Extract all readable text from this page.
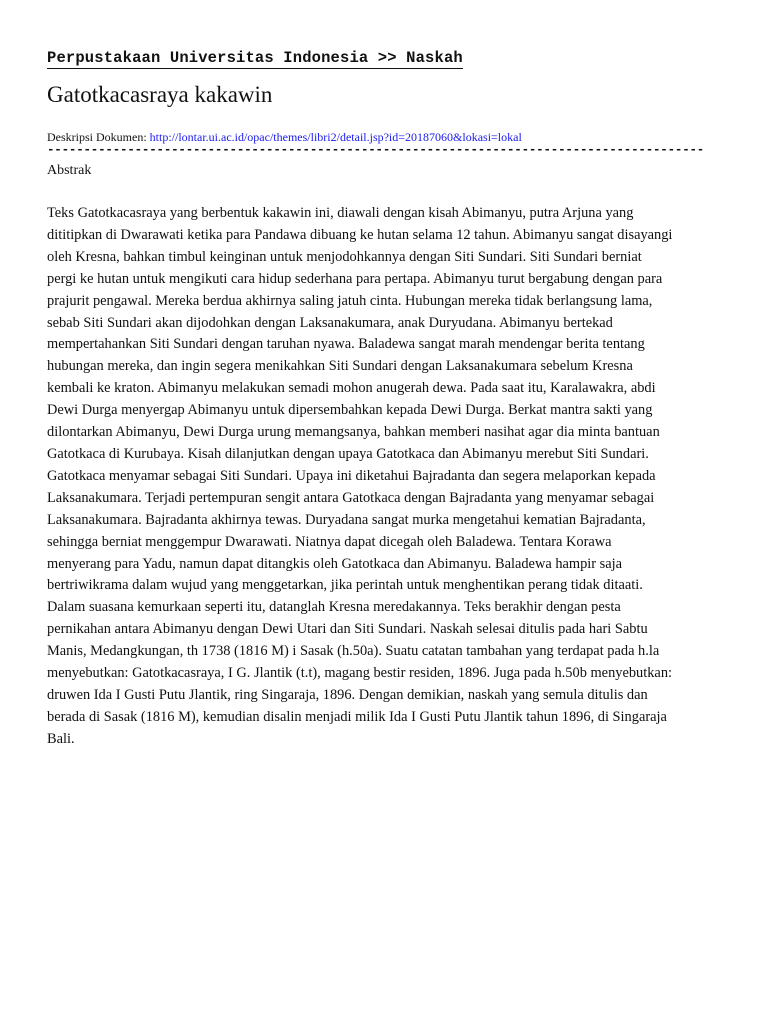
Perpustakaan Universitas Indonesia >> Naskah
Gatotkacasraya kakawin
Deskripsi Dokumen: http://lontar.ui.ac.id/opac/themes/libri2/detail.jsp?id=20187060&lokasi=lokal
------------------------------------------------------------------------------------------
Abstrak
Teks Gatotkacasraya yang berbentuk kakawin ini, diawali dengan kisah Abimanyu, putra Arjuna yang
dititipkan di Dwarawati ketika para Pandawa dibuang ke hutan selama 12 tahun. Abimanyu sangat disayangi
oleh Kresna, bahkan timbul keinginan untuk menjodohkannya dengan Siti Sundari. Siti Sundari berniat
pergi ke hutan untuk mengikuti cara hidup sederhana para pertapa. Abimanyu turut bergabung dengan para
prajurit pengawal. Mereka berdua akhirnya saling jatuh cinta. Hubungan mereka tidak berlangsung lama,
sebab Siti Sundari akan dijodohkan dengan Laksanakumara, anak Duryudana. Abimanyu bertekad
mempertahankan Siti Sundari dengan taruhan nyawa. Baladewa sangat marah mendengar berita tentang
hubungan mereka, dan ingin segera menikahkan Siti Sundari dengan Laksanakumara sebelum Kresna
kembali ke kraton. Abimanyu melakukan semadi mohon anugerah dewa. Pada saat itu, Karalawakra, abdi
Dewi Durga menyergap Abimanyu untuk dipersembahkan kepada Dewi Durga. Berkat mantra sakti yang
dilontarkan Abimanyu, Dewi Durga urung memangsanya, bahkan memberi nasihat agar dia minta bantuan
Gatotkaca di Kurubaya. Kisah dilanjutkan dengan upaya Gatotkaca dan Abimanyu merebut Siti Sundari.
Gatotkaca menyamar sebagai Siti Sundari. Upaya ini diketahui Bajradanta dan segera melaporkan kepada
Laksanakumara. Terjadi pertempuran sengit antara Gatotkaca dengan Bajradanta yang menyamar sebagai
Laksanakumara. Bajradanta akhirnya tewas. Duryadana sangat murka mengetahui kematian Bajradanta,
sehingga berniat menggempur Dwarawati. Niatnya dapat dicegah oleh Baladewa. Tentara Korawa
menyerang para Yadu, namun dapat ditangkis oleh Gatotkaca dan Abimanyu. Baladewa hampir saja
bertriwikrama dalam wujud yang menggetarkan, jika perintah untuk menghentikan perang tidak ditaati.
Dalam suasana kemurkaan seperti itu, datanglah Kresna meredakannya. Teks berakhir dengan pesta
pernikahan antara Abimanyu dengan Dewi Utari dan Siti Sundari. Naskah selesai ditulis pada hari Sabtu
Manis, Medangkungan, th 1738 (1816 M) i Sasak (h.50a). Suatu catatan tambahan yang terdapat pada h.la
menyebutkan: Gatotkacasraya, I G. Jlantik (t.t), magang bestir residen, 1896. Juga pada h.50b menyebutkan:
druwen Ida I Gusti Putu Jlantik, ring Singaraja, 1896. Dengan demikian, naskah yang semula ditulis dan
berada di Sasak (1816 M), kemudian disalin menjadi milik Ida I Gusti Putu Jlantik tahun 1896, di Singaraja
Bali.
